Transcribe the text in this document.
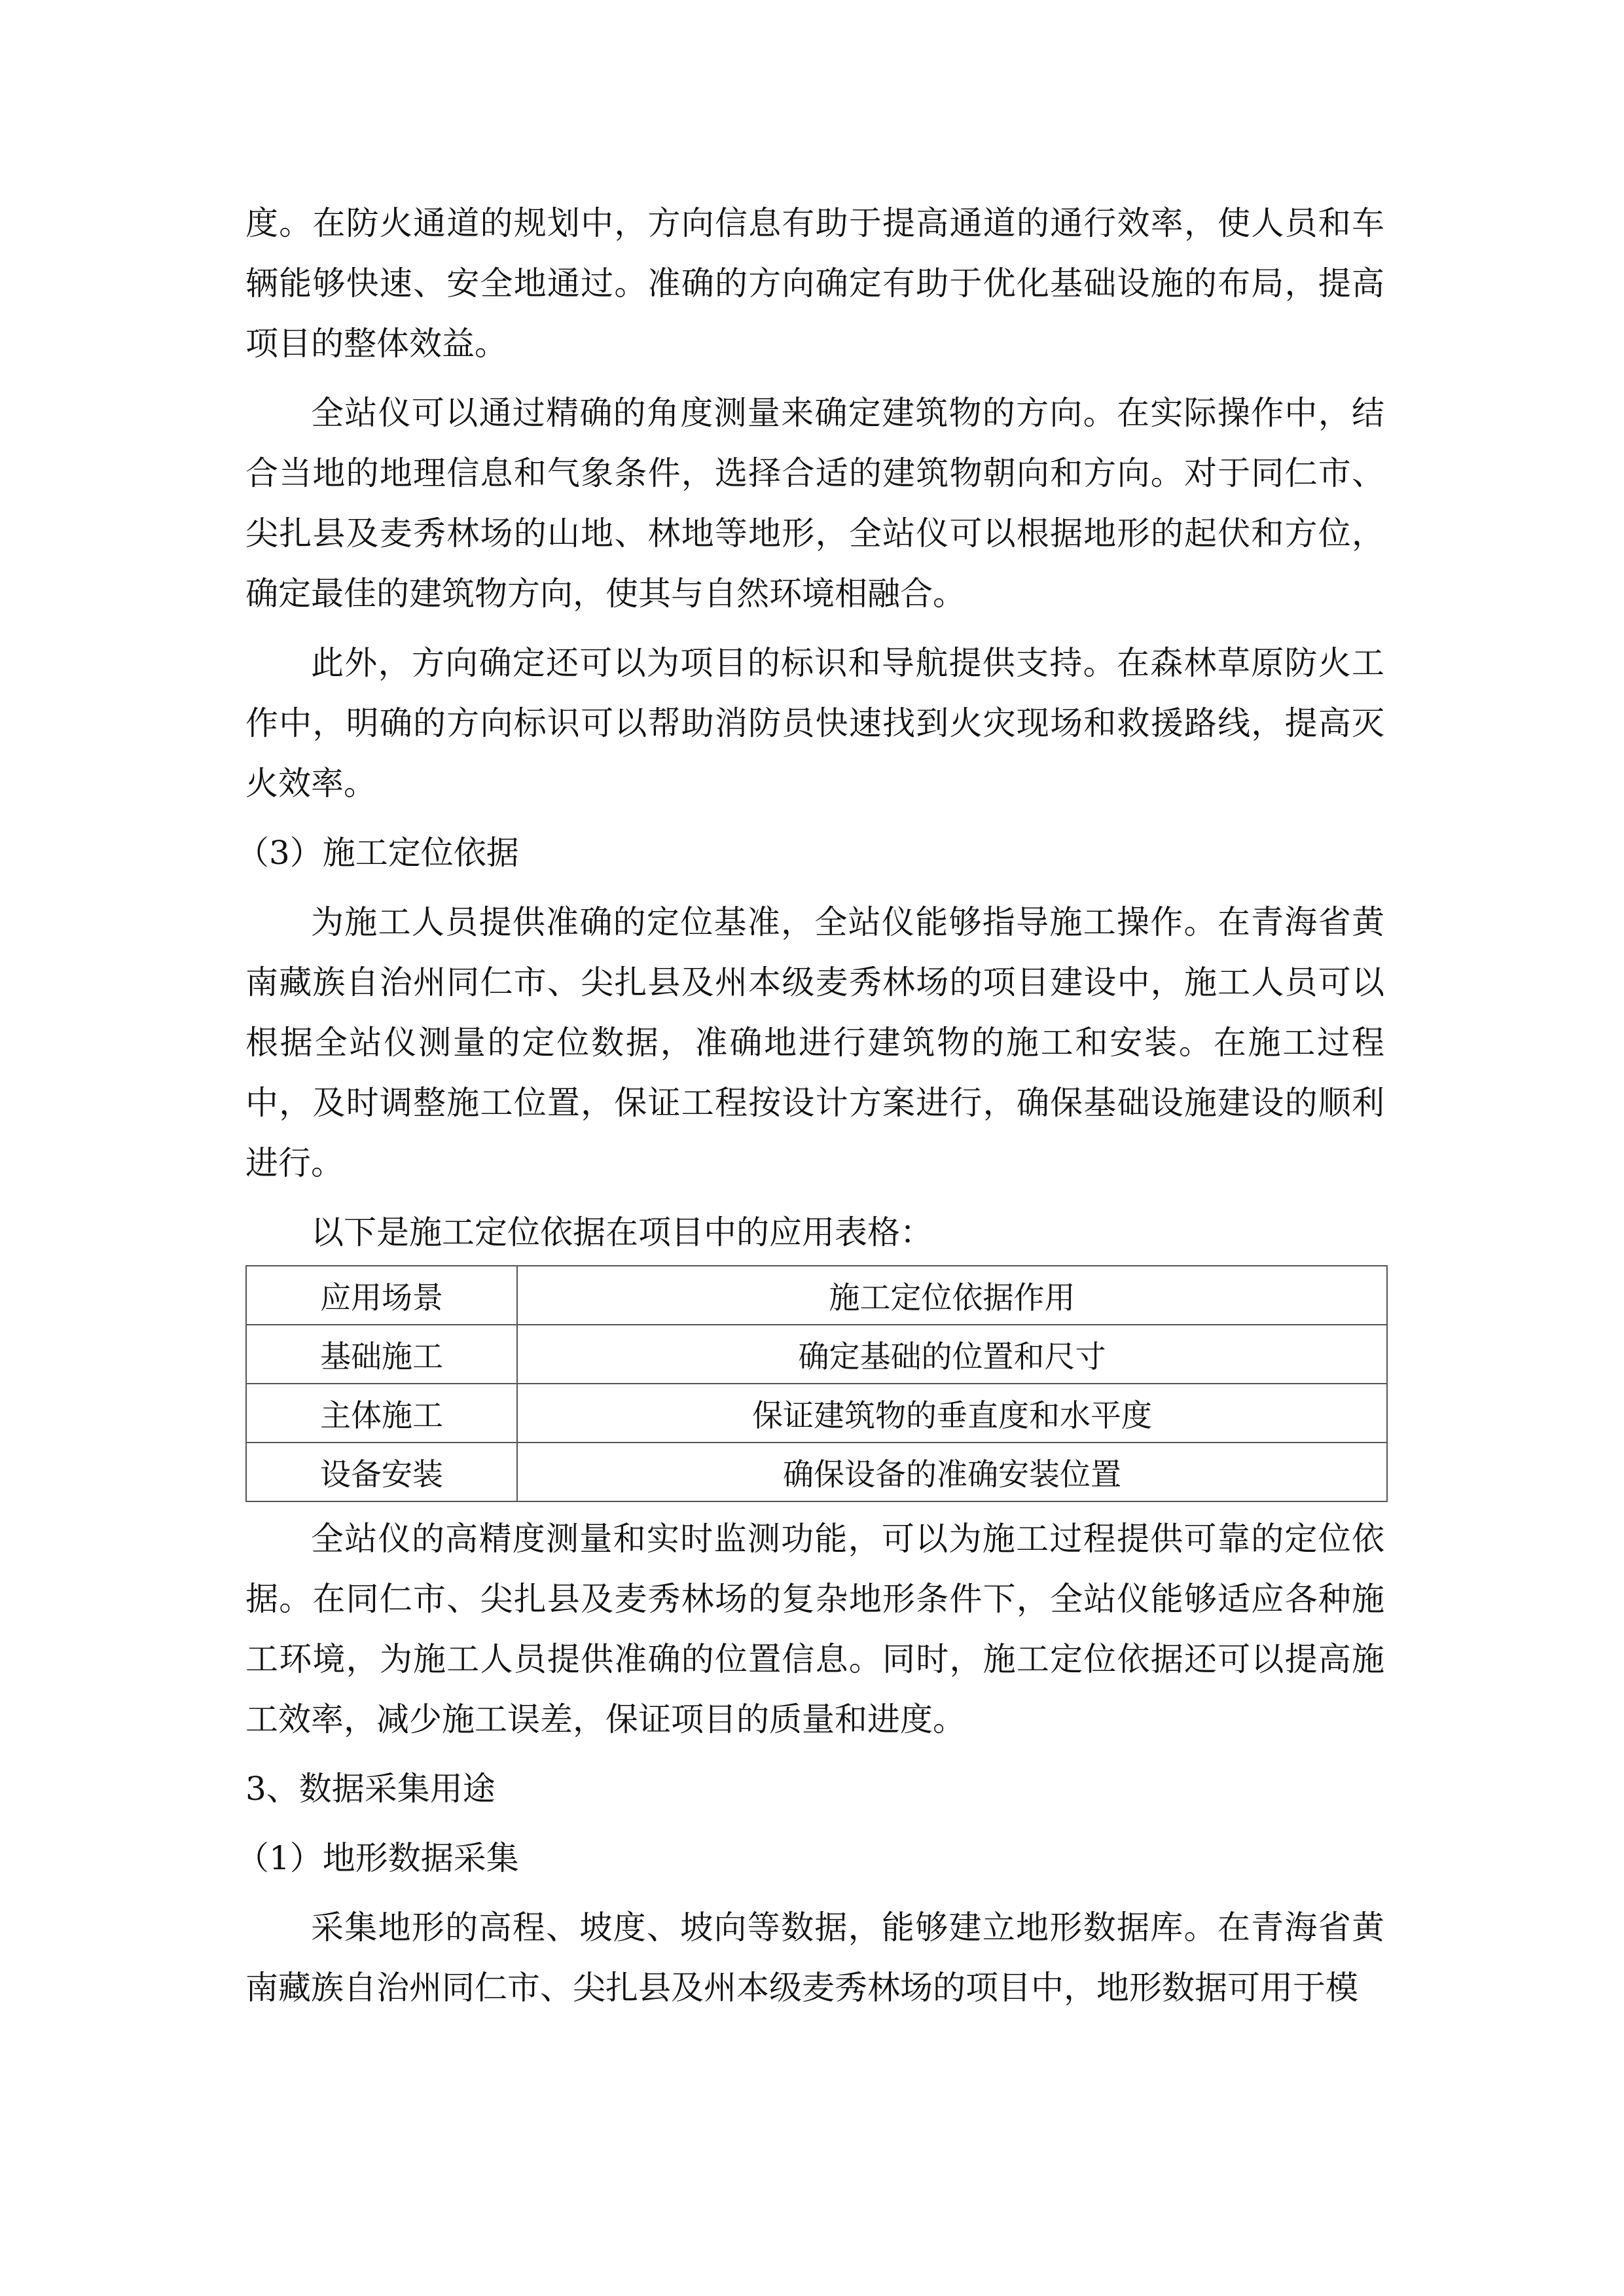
度。在防火通道的规划中，方向信息有助于提高通道的通行效率，使人员和车辆能够快速、安全地通过。准确的方向确定有助于优化基础设施的布局，提高项目的整体效益。

全站仪可以通过精确的角度测量来确定建筑物的方向。在实际操作中，结合当地的地理信息和气象条件，选择合适的建筑物朝向和方向。对于同仁市、尖扎县及麦秀林场的山地、林地等地形，全站仪可以根据地形的起伏和方位，确定最佳的建筑物方向，使其与自然环境相融合。

此外，方向确定还可以为项目的标识和导航提供支持。在森林草原防火工作中，明确的方向标识可以帮助消防员快速找到火灾现场和救援路线，提高灭火效率。

（3）施工定位依据

为施工人员提供准确的定位基准，全站仪能够指导施工操作。在青海省黄南藏族自治州同仁市、尖扎县及州本级麦秀林场的项目建设中，施工人员可以根据全站仪测量的定位数据，准确地进行建筑物的施工和安装。在施工过程中，及时调整施工位置，保证工程按设计方案进行，确保基础设施建设的顺利进行。

以下是施工定位依据在项目中的应用表格：

应用场景	施工定位依据作用
基础施工	确定基础的位置和尺寸
主体施工	保证建筑物的垂直度和水平度
设备安装	确保设备的准确安装位置

全站仪的高精度测量和实时监测功能，可以为施工过程提供可靠的定位依据。在同仁市、尖扎县及麦秀林场的复杂地形条件下，全站仪能够适应各种施工环境，为施工人员提供准确的位置信息。同时，施工定位依据还可以提高施工效率，减少施工误差，保证项目的质量和进度。

3、数据采集用途
（1）地形数据采集

采集地形的高程、坡度、坡向等数据，能够建立地形数据库。在青海省黄南藏族自治州同仁市、尖扎县及州本级麦秀林场的项目中，地形数据可用于模
